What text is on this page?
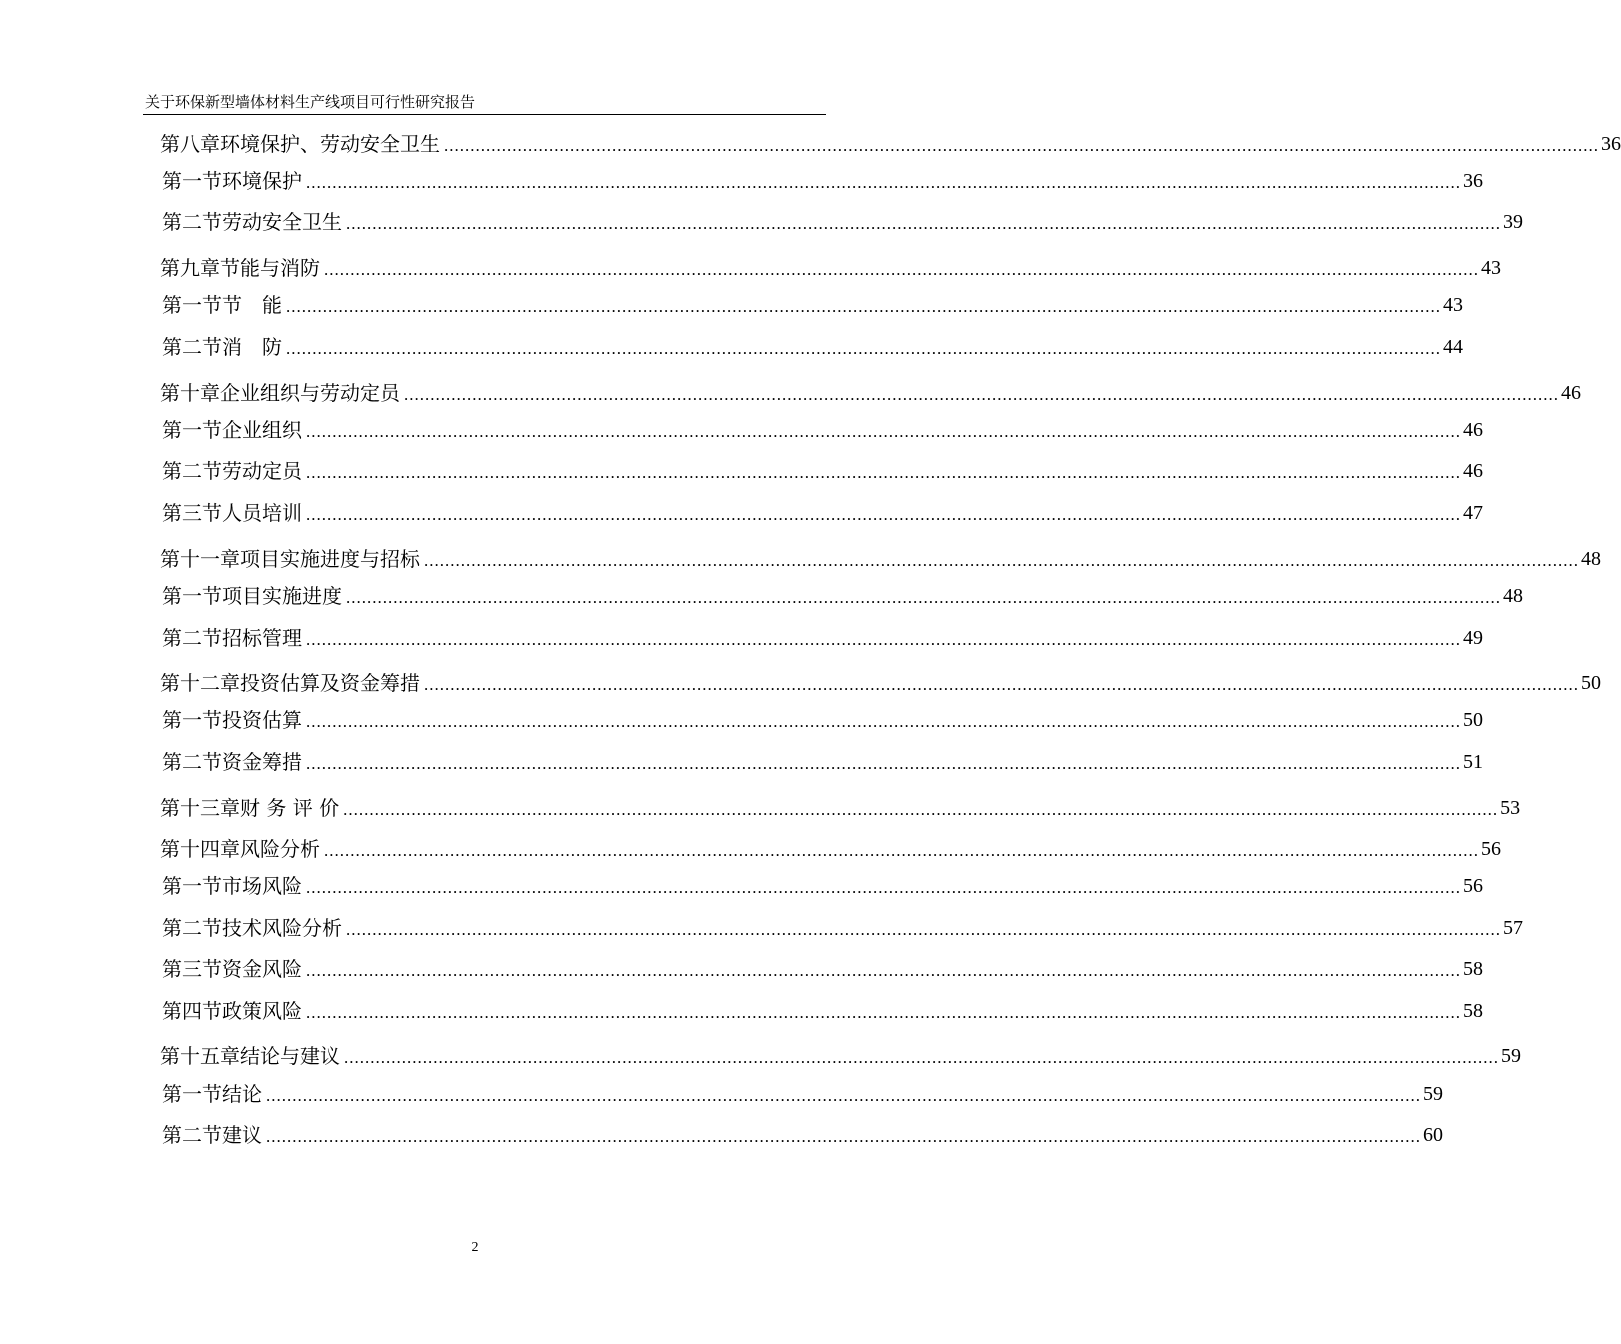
关于环保新型墙体材料生产线项目可行性研究报告
第八章 环境保护、劳动安全卫生 ............................................................................................................................................................................................................................ 36
第一节 环境保护 ............................................................................................................................................................................................................................ 36
第二节 劳动安全卫生 ............................................................................................................................................................................................................................ 39
第九章 节能与消防 ............................................................................................................................................................................................................................ 43
第一节 节　能 ............................................................................................................................................................................................................................ 43
第二节 消　防 ............................................................................................................................................................................................................................ 44
第十章 企业组织与劳动定员 ............................................................................................................................................................................................................................ 46
第一节 企业组织 ............................................................................................................................................................................................................................ 46
第二节 劳动定员 ............................................................................................................................................................................................................................ 46
第三节 人员培训 ............................................................................................................................................................................................................................ 47
第十一章 项目实施进度与招标 ............................................................................................................................................................................................................................ 48
第一节 项目实施进度 ............................................................................................................................................................................................................................ 48
第二节 招标管理 ............................................................................................................................................................................................................................ 49
第十二章 投资估算及资金筹措 ............................................................................................................................................................................................................................ 50
第一节 投资估算 ............................................................................................................................................................................................................................ 50
第二节 资金筹措 ............................................................................................................................................................................................................................ 51
第十三章 财 务 评 价 ............................................................................................................................................................................................................................ 53
第十四章 风险分析 ............................................................................................................................................................................................................................ 56
第一节 市场风险 ............................................................................................................................................................................................................................ 56
第二节 技术风险分析 ............................................................................................................................................................................................................................ 57
第三节 资金风险 ............................................................................................................................................................................................................................ 58
第四节 政策风险 ............................................................................................................................................................................................................................ 58
第十五章 结论与建议 ............................................................................................................................................................................................................................ 59
第一节 结论 ............................................................................................................................................................................................................................ 59
第二节 建议 ............................................................................................................................................................................................................................ 60
2
